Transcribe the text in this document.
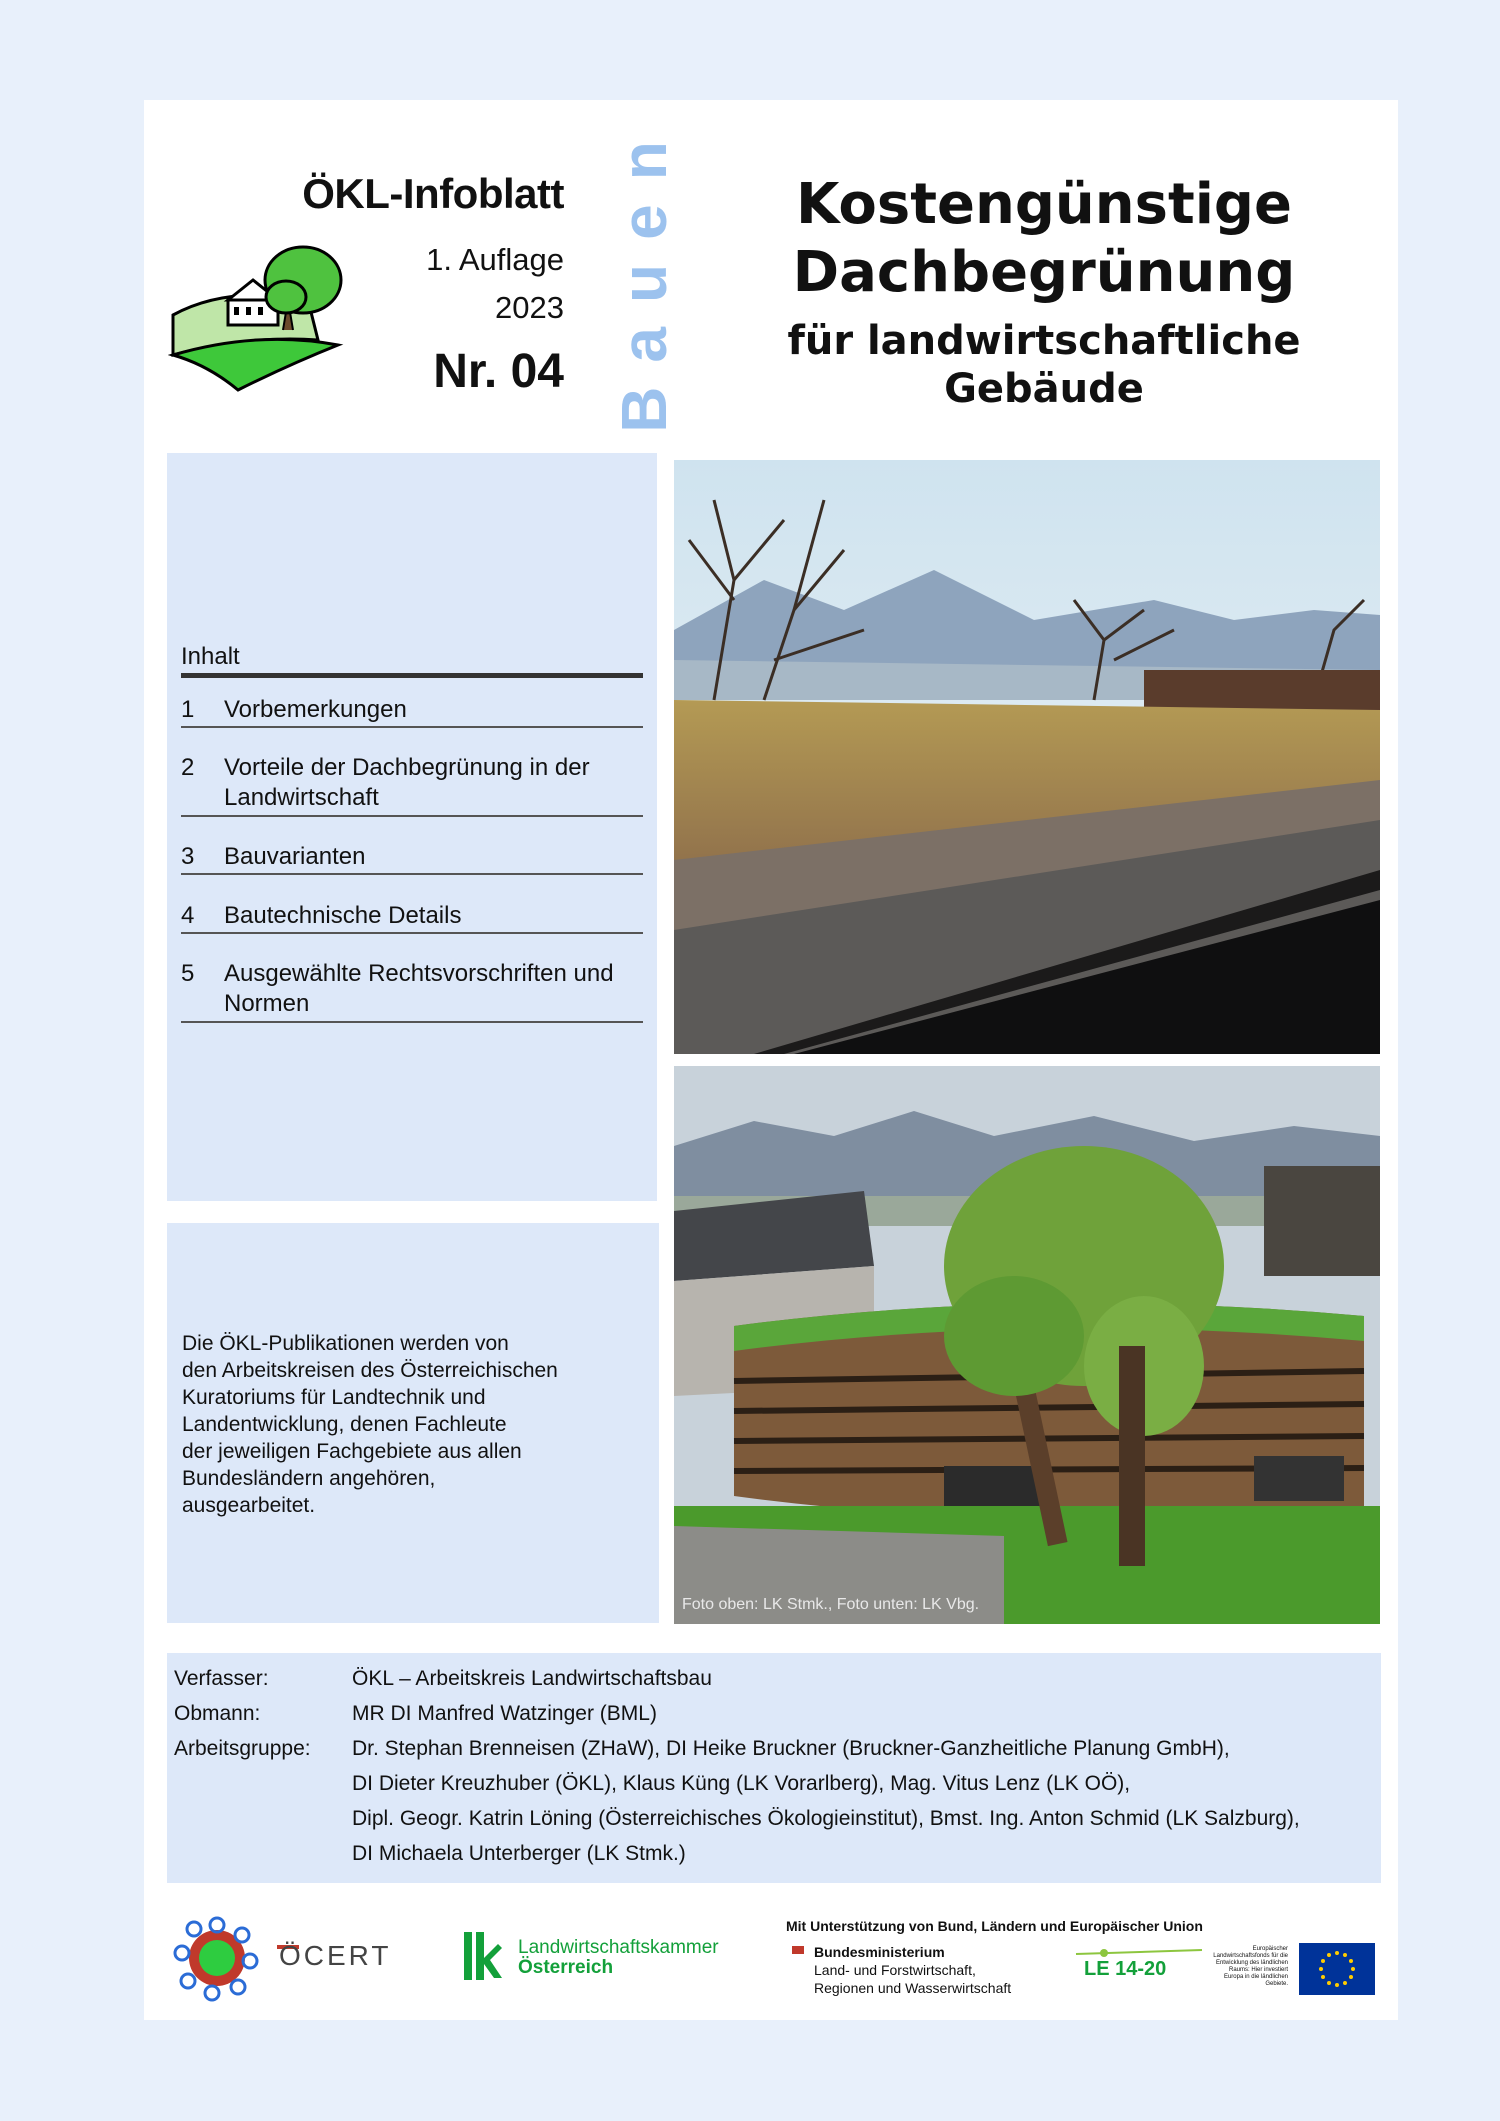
ÖKL-Infoblatt
1. Auflage
2023
Nr. 04 Bauen	Kostengünstige
Dachbegrünung
für landwirtschaftliche
Gebäude
Inhalt
1	Vorbemerkungen
2	Vorteile der Dachbegrünung in der Landwirtschaft
3	Bauvarianten
4	Bautechnische Details
5	Ausgewählte Rechtsvorschriften und Normen
Die ÖKL-Publikationen werden von
den Arbeitskreisen des Österreichischen
Kuratoriums für Landtechnik und
Landentwicklung, denen Fachleute
der jeweiligen Fachgebiete aus allen
Bundesländern angehören,
ausgearbeitet.
Foto oben: LK Stmk., Foto unten: LK Vbg.
Verfasser:	ÖKL – Arbeitskreis Landwirtschaftsbau
Obmann:	MR DI Manfred Watzinger (BML)
Arbeitsgruppe:	Dr. Stephan Brenneisen (ZHaW), DI Heike Bruckner (Bruckner-Ganzheitliche Planung GmbH),
DI Dieter Kreuzhuber (ÖKL), Klaus Küng (LK Vorarlberg), Mag. Vitus Lenz (LK OÖ),
Dipl. Geogr. Katrin Löning (Österreichisches Ökologieinstitut), Bmst. Ing. Anton Schmid (LK Salzburg),
DI Michaela Unterberger (LK Stmk.)
ÖCERT	Landwirtschaftskammer
Österreich
Mit Unterstützung von Bund, Ländern und Europäischer Union
Bundesministerium
Land- und Forstwirtschaft,
Regionen und Wasserwirtschaft
LE 14-20
Europäischer Landwirtschaftsfonds für die Entwicklung des ländlichen Raums: Hier investiert Europa in die ländlichen Gebiete.
